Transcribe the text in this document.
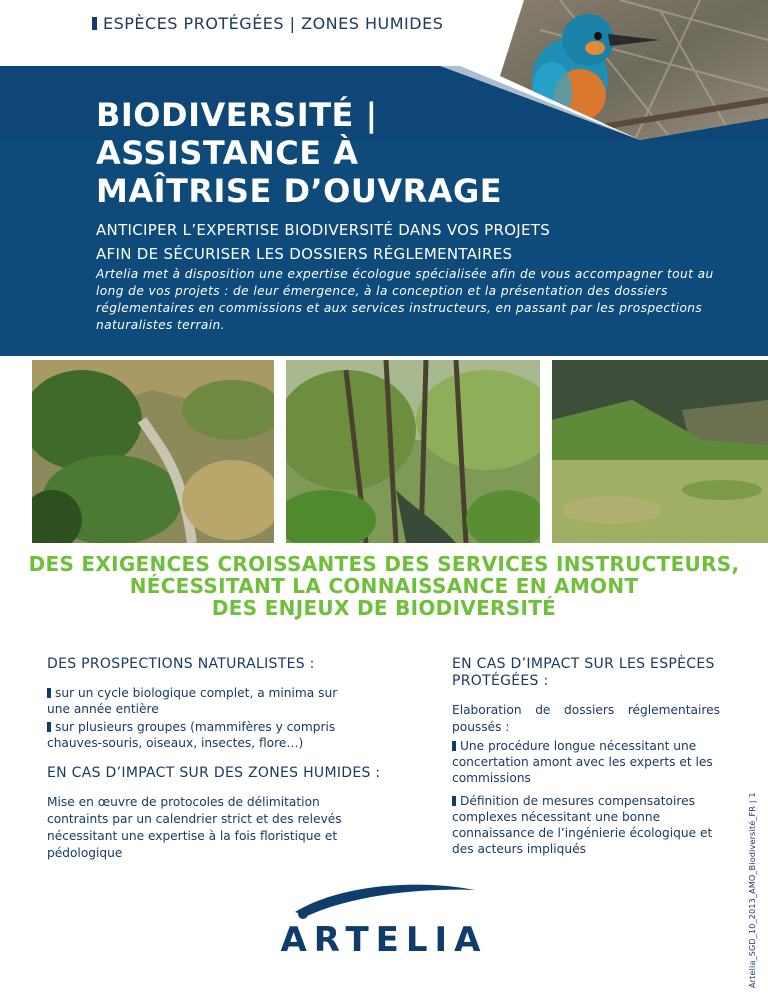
ESPÈCES PROTÉGÉES | ZONES HUMIDES
BIODIVERSITÉ |
ASSISTANCE À
MAÎTRISE D’OUVRAGE
ANTICIPER L’EXPERTISE BIODIVERSITÉ DANS VOS PROJETS
AFIN DE SÉCURISER LES DOSSIERS RÉGLEMENTAIRES
Artelia met à disposition une expertise écologue spécialisée afin de vous accompagner tout au long de vos projets : de leur émergence, à la conception et la présentation des dossiers réglementaires en commissions et aux services instructeurs, en passant par les prospections naturalistes terrain.
DES EXIGENCES CROISSANTES DES SERVICES INSTRUCTEURS,
NÉCESSITANT LA CONNAISSANCE EN AMONT
DES ENJEUX DE BIODIVERSITÉ
DES PROSPECTIONS NATURALISTES :
sur un cycle biologique complet, a minima sur une année entière
sur plusieurs groupes (mammifères y compris chauves-souris, oiseaux, insectes, flore…)
EN CAS D’IMPACT SUR DES ZONES HUMIDES :
Mise en œuvre de protocoles de délimitation contraints par un calendrier strict et des relevés nécessitant une expertise à la fois floristique et pédologique
EN CAS D’IMPACT SUR LES ESPÈCES PROTÉGÉES :
Elaboration de dossiers réglementaires poussés :
Une procédure longue nécessitant une concertation amont avec les experts et les commissions
Définition de mesures compensatoires complexes nécessitant une bonne connaissance de l’ingénierie écologique et des acteurs impliqués	Artelia_SGD_10_2013_AMO_Biodiversité_FR | 1
ARTELIA
